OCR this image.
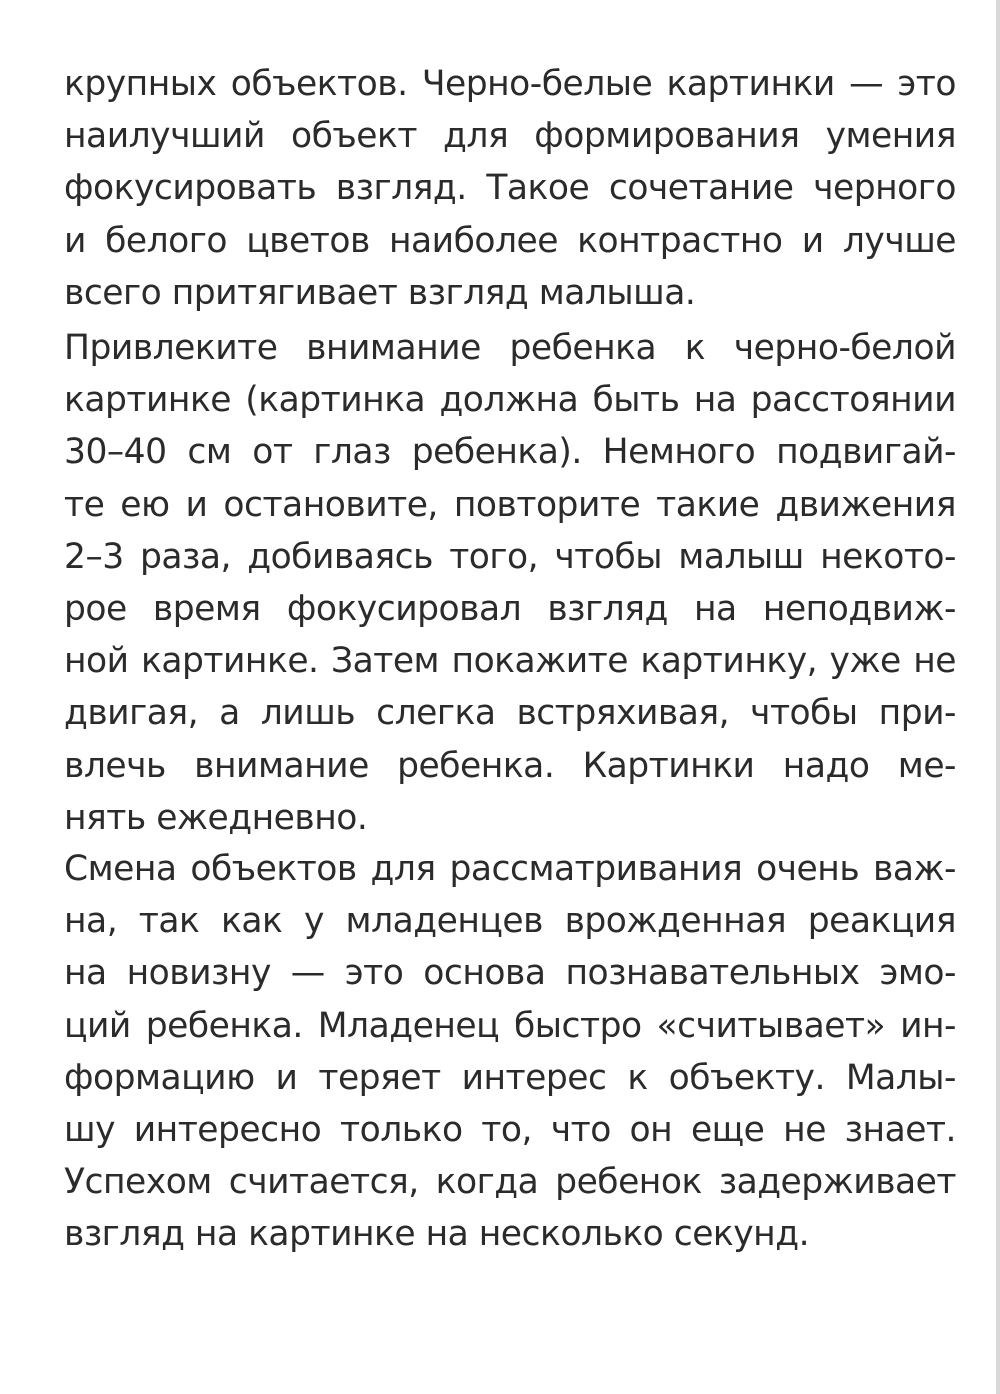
крупных объектов. Черно-белые картинки — это
наилучший объект для формирования умения
фокусировать взгляд. Такое сочетание черного
и белого цветов наиболее контрастно и лучше
всего притягивает взгляд малыша.
Привлеките внимание ребенка к черно-белой
картинке (картинка должна быть на расстоянии
30–40 см от глаз ребенка). Немного подвигай-
те ею и остановите, повторите такие движения
2–3 раза, добиваясь того, чтобы малыш некото-
рое время фокусировал взгляд на неподвиж-
ной картинке. Затем покажите картинку, уже не
двигая, а лишь слегка встряхивая, чтобы при-
влечь внимание ребенка. Картинки надо ме-
нять ежедневно.
Смена объектов для рассматривания очень важ-
на, так как у младенцев врожденная реакция
на новизну — это основа познавательных эмо-
ций ребенка. Младенец быстро «считывает» ин-
формацию и теряет интерес к объекту. Малы-
шу интересно только то, что он еще не знает.
Успехом считается, когда ребенок задерживает
взгляд на картинке на несколько секунд.
